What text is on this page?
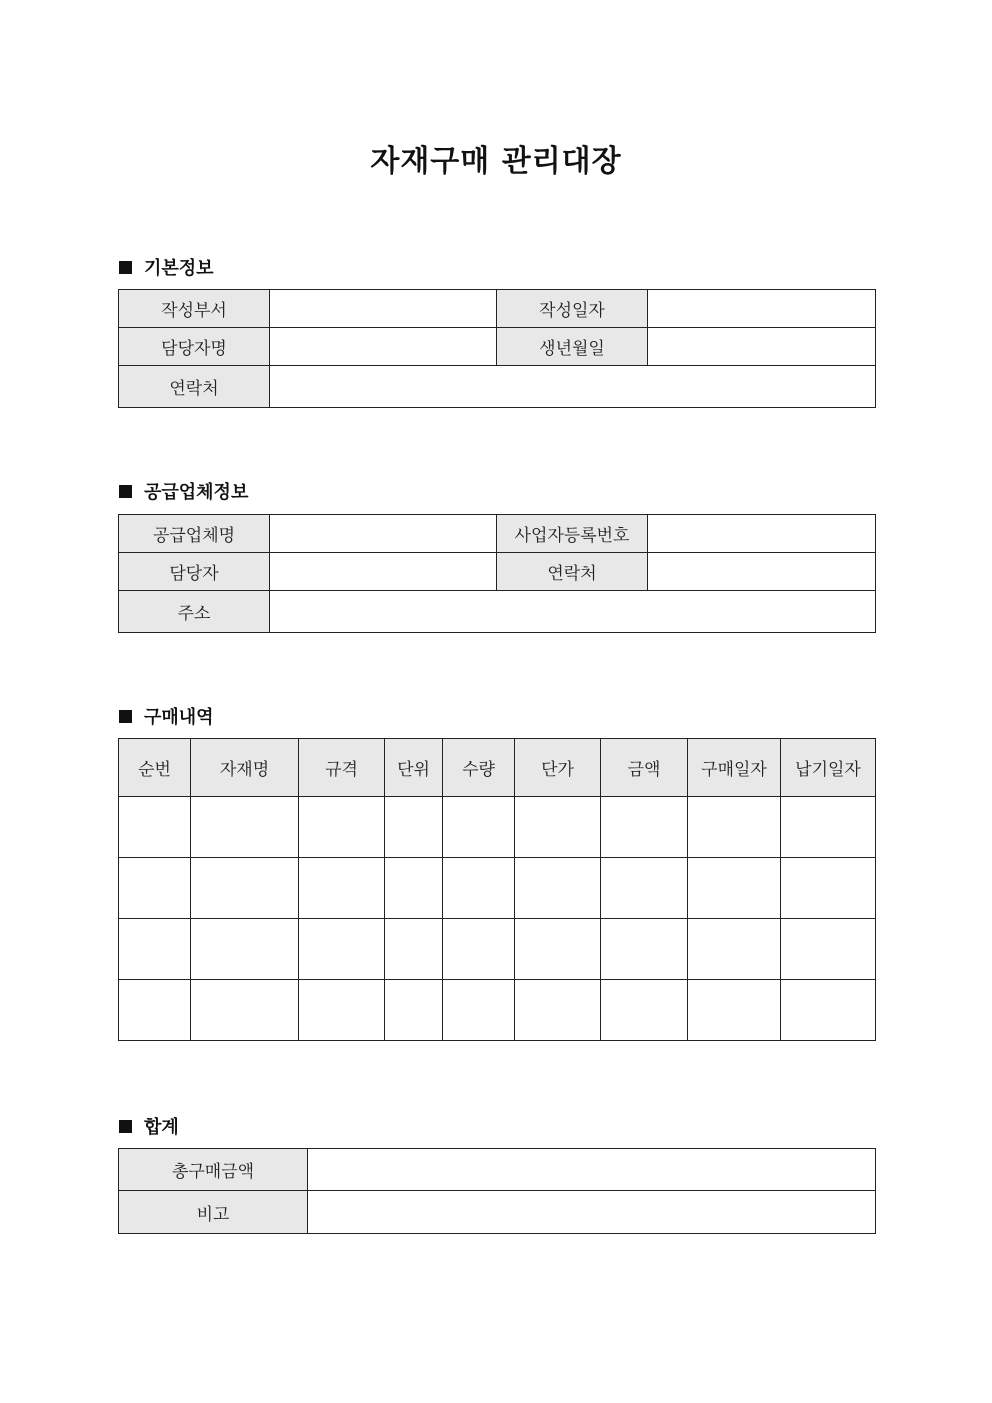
자재구매 관리대장
기본정보
작성부서		작성일자	
담당자명		생년월일	
연락처			
공급업체정보
공급업체명		사업자등록번호	
담당자		연락처	
주소			
구매내역
순번	자재명	규격	단위	수량	단가	금액	구매일자	납기일자

합계
총구매금액	
비고	
